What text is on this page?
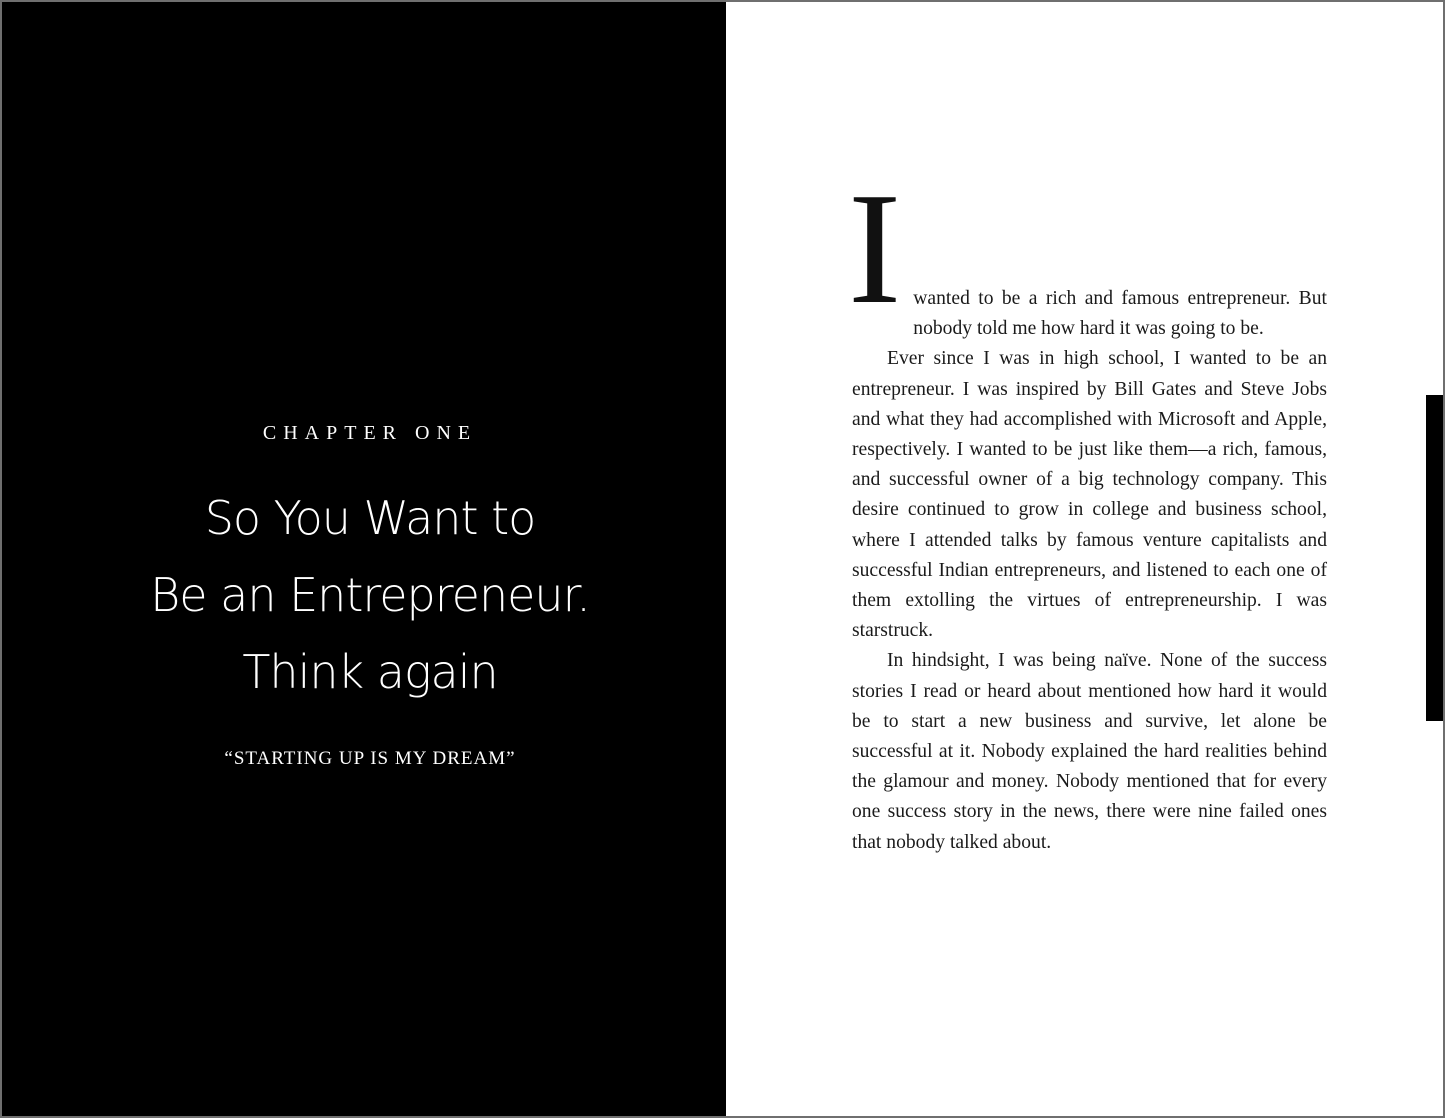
CHAPTER ONE
So You Want to
Be an Entrepreneur.
Think again
“STARTING UP IS MY DREAM”
I wanted to be a rich and famous entrepreneur. But nobody told me how hard it was going to be.

Ever since I was in high school, I wanted to be an entrepreneur. I was inspired by Bill Gates and Steve Jobs and what they had accomplished with Microsoft and Apple, respectively. I wanted to be just like them—a rich, famous, and successful owner of a big technology company. This desire continued to grow in college and business school, where I attended talks by famous venture capitalists and successful Indian entrepreneurs, and listened to each one of them extolling the virtues of entrepreneurship. I was starstruck.

In hindsight, I was being naïve. None of the success stories I read or heard about mentioned how hard it would be to start a new business and survive, let alone be successful at it. Nobody explained the hard realities behind the glamour and money. Nobody mentioned that for every one success story in the news, there were nine failed ones that nobody talked about.
